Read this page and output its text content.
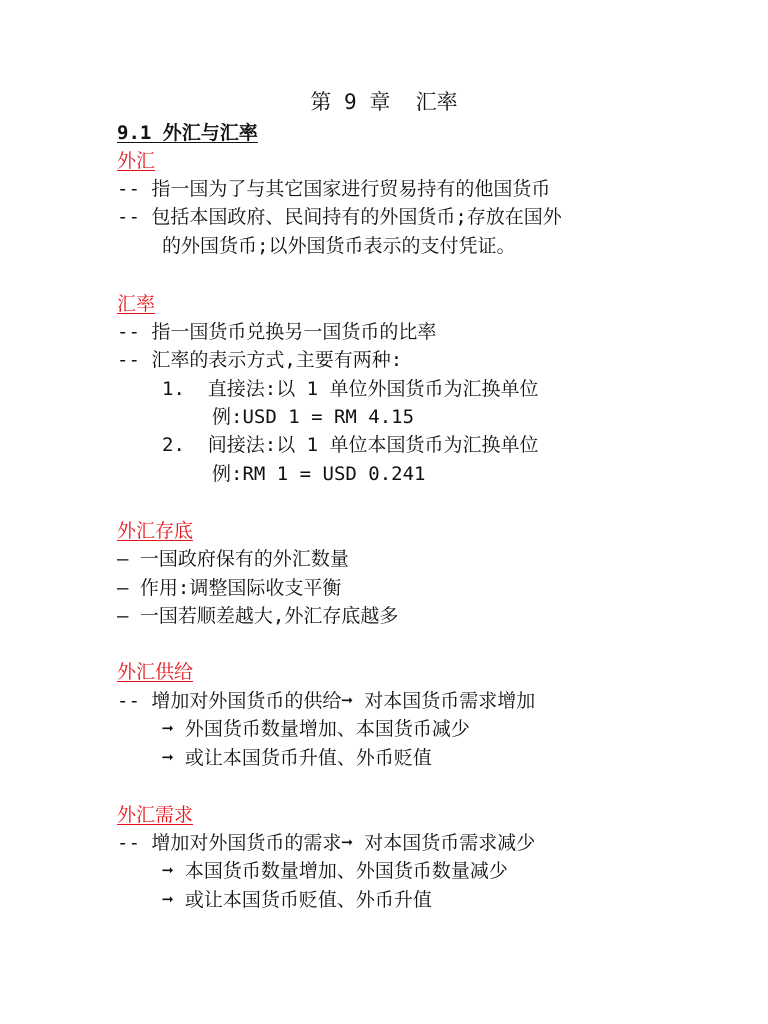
第 9 章  汇率
9.1 外汇与汇率
外汇
-- 指一国为了与其它国家进行贸易持有的他国货币
-- 包括本国政府、民间持有的外国货币;存放在国外
的外国货币;以外国货币表示的支付凭证。
汇率
-- 指一国货币兑换另一国货币的比率
-- 汇率的表示方式,主要有两种:
1.  直接法:以 1 单位外国货币为汇换单位
例:USD 1 = RM 4.15
2.  间接法:以 1 单位本国货币为汇换单位
例:RM 1 = USD 0.241
外汇存底
— 一国政府保有的外汇数量
— 作用:调整国际收支平衡
— 一国若顺差越大,外汇存底越多
外汇供给
-- 增加对外国货币的供给➞ 对本国货币需求增加
➞ 外国货币数量增加、本国货币减少
➞ 或让本国货币升值、外币贬值
外汇需求
-- 增加对外国货币的需求➞ 对本国货币需求减少
➞ 本国货币数量增加、外国货币数量减少
➞ 或让本国货币贬值、外币升值
